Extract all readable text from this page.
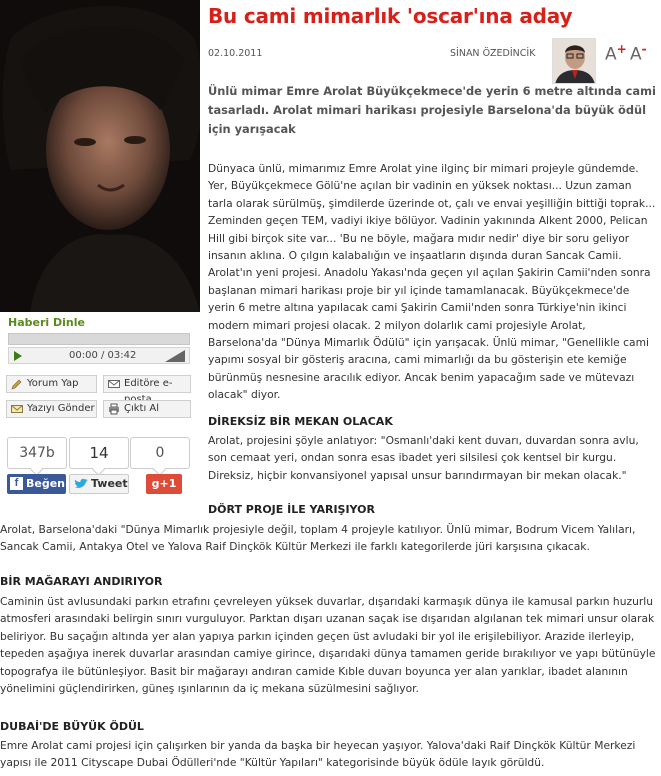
Haberi Dinle
00:00 / 03:42
Yorum Yap	Editöre e-
Yazıyı Gönder	Çıktı Al
347b	14	0
f Beğen	Tweet	g+1
Bu cami mimarlık 'oscar'ına aday
02.10.2011	SİNAN ÖZEDİNCİK	A+ A-
Ünlü mimar Emre Arolat Büyükçekmece'de yerin 6 metre altında cami tasarladı. Arolat mimari harikası projesiyle Barselona'da büyük ödül için yarışacak
Dünyaca ünlü, mimarımız Emre Arolat yine ilginç bir mimari projeyle gündemde. Yer, Büyükçekmece Gölü'ne açılan bir vadinin en yüksek noktası... Uzun zaman tarla olarak sürülmüş, şimdilerde üzerinde ot, çalı ve envai yeşilliğin bittiği toprak... Zeminden geçen TEM, vadiyi ikiye bölüyor. Vadinin yakınında Alkent 2000, Pelican Hill gibi birçok site var... 'Bu ne böyle, mağara mıdır nedir' diye bir soru geliyor insanın aklına. O çılgın kalabalığın ve inşaatların dışında duran Sancak Camii. Arolat'ın yeni projesi. Anadolu Yakası'nda geçen yıl açılan Şakirin Camii'nden sonra başlanan mimari harikası proje bir yıl içinde tamamlanacak. Büyükçekmece'de yerin 6 metre altına yapılacak cami Şakirin Camii'nden sonra Türkiye'nin ikinci modern mimari projesi olacak. 2 milyon dolarlık cami projesiyle Arolat, Barselona'da "Dünya Mimarlık Ödülü" için yarışacak. Ünlü mimar, "Genellikle cami yapımı sosyal bir gösteriş aracına, cami mimarlığı da bu gösterişin ete kemiğe bürünmüş nesnesine aracılık ediyor. Ancak benim yapacağım sade ve mütevazı olacak" diyor.
DİREKSİZ BİR MEKAN OLACAK
Arolat, projesini şöyle anlatıyor: "Osmanlı'daki kent duvarı, duvardan sonra avlu, son cemaat yeri, ondan sonra esas ibadet yeri silsilesi çok kentsel bir kurgu. Direksiz, hiçbir konvansiyonel yapısal unsur barındırmayan bir mekan olacak."
DÖRT PROJE İLE YARIŞIYOR
Arolat, Barselona'daki "Dünya Mimarlık projesiyle değil, toplam 4 projeyle katılıyor. Ünlü mimar, Bodrum Vicem Yalıları, Sancak Camii, Antakya Otel ve Yalova Raif Dinçkök Kültür Merkezi ile farklı kategorilerde jüri karşısına çıkacak.
BİR MAĞARAYI ANDIRIYOR
Caminin üst avlusundaki parkın etrafını çevreleyen yüksek duvarlar, dışarıdaki karmaşık dünya ile kamusal parkın huzurlu atmosferi arasındaki belirgin sınırı vurguluyor. Parktan dışarı uzanan saçak ise dışarıdan algılanan tek mimari unsur olarak beliriyor. Bu saçağın altında yer alan yapıya parkın içinden geçen üst avludaki bir yol ile erişilebiliyor. Arazide ilerleyip, tepeden aşağıya inerek duvarlar arasından camiye girince, dışarıdaki dünya tamamen geride bırakılıyor ve yapı bütünüyle topografya ile bütünleşiyor. Basit bir mağarayı andıran camide Kıble duvarı boyunca yer alan yarıklar, ibadet alanının yönelimini güçlendirirken, güneş ışınlarının da iç mekana süzülmesini sağlıyor.
DUBAİ'DE BÜYÜK ÖDÜL
Emre Arolat cami projesi için çalışırken bir yanda da başka bir heyecan yaşıyor. Yalova'daki Raif Dinçkök Kültür Merkezi yapısı ile 2011 Cityscape Dubai Ödülleri'nde "Kültür Yapıları" kategorisinde büyük ödüle layık görüldü.
